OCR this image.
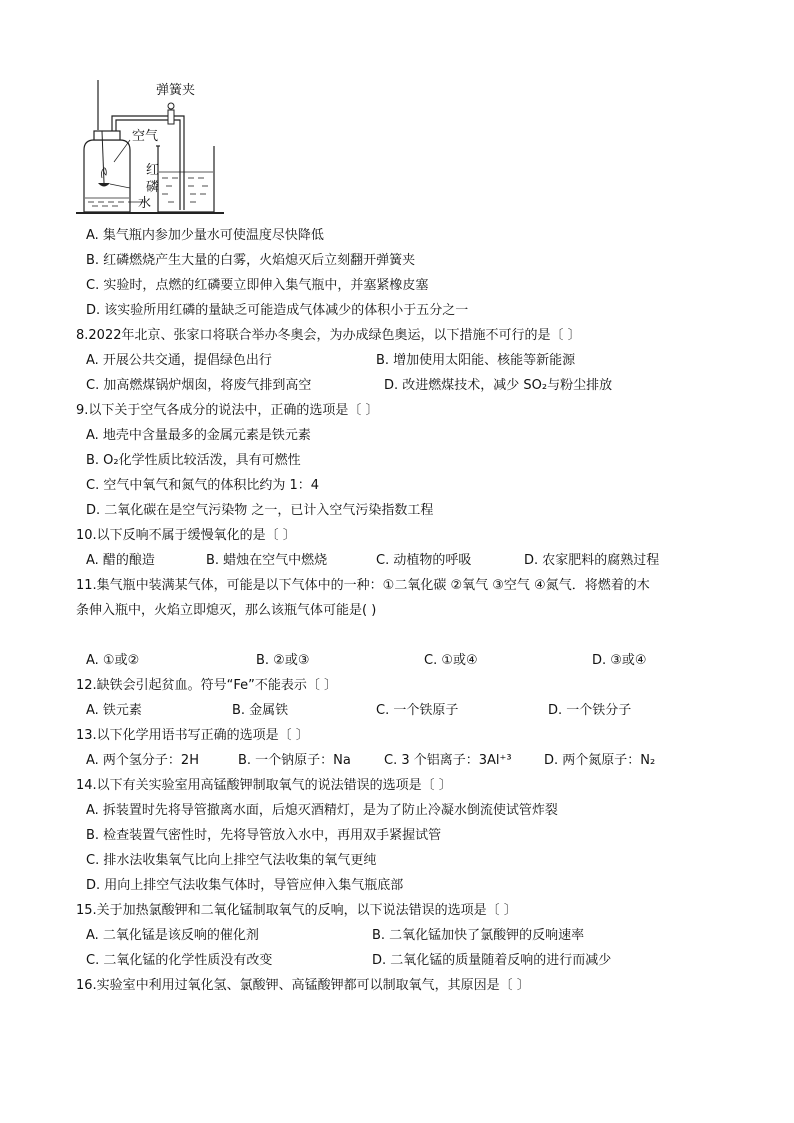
弹簧夹
空气
红
磷
水
A. 集气瓶内参加少量水可使温度尽快降低
B. 红磷燃烧产生大量的白雾，火焰熄灭后立刻翻开弹簧夹
C. 实验时，点燃的红磷要立即伸入集气瓶中，并塞紧橡皮塞
D. 该实验所用红磷的量缺乏可能造成气体减少的体积小于五分之一
8.2022年北京、张家口将联合举办冬奥会，为办成绿色奥运，以下措施不可行的是〔 〕
A. 开展公共交通，提倡绿色出行	B. 增加使用太阳能、核能等新能源
C. 加高燃煤锅炉烟囱，将废气排到高空	D. 改进燃煤技术，减少 SO₂与粉尘排放
9.以下关于空气各成分的说法中，正确的选项是〔 〕
A. 地壳中含量最多的金属元素是铁元素
B. O₂化学性质比较活泼，具有可燃性
C. 空气中氧气和氮气的体积比约为 1：4
D. 二氧化碳在是空气污染物 之一，已计入空气污染指数工程
10.以下反响不属于缓慢氧化的是〔 〕
A. 醋的酿造	B. 蜡烛在空气中燃烧	C. 动植物的呼吸	D. 农家肥料的腐熟过程
11.集气瓶中装满某气体，可能是以下气体中的一种：①二氧化碳 ②氧气 ③空气 ④氮气．将燃着的木
条伸入瓶中，火焰立即熄灭，那么该瓶气体可能是( )
A. ①或②	B. ②或③	C. ①或④	D. ③或④
12.缺铁会引起贫血。符号“Fe”不能表示〔 〕
A. 铁元素	B. 金属铁	C. 一个铁原子	D. 一个铁分子
13.以下化学用语书写正确的选项是〔 〕
A. 两个氢分子：2H	B. 一个钠原子：Na	C. 3 个铝离子：3Al⁺³ D. 两个氮原子：N₂
14.以下有关实验室用高锰酸钾制取氧气的说法错误的选项是〔 〕
A. 拆装置时先将导管撤离水面，后熄灭酒精灯，是为了防止冷凝水倒流使试管炸裂
B. 检查装置气密性时，先将导管放入水中，再用双手紧握试管
C. 排水法收集氧气比向上排空气法收集的氧气更纯
D. 用向上排空气法收集气体时，导管应伸入集气瓶底部
15.关于加热氯酸钾和二氧化锰制取氧气的反响，以下说法错误的选项是〔 〕
A. 二氧化锰是该反响的催化剂	B. 二氧化锰加快了氯酸钾的反响速率
C. 二氧化锰的化学性质没有改变	D. 二氧化锰的质量随着反响的进行而减少
16.实验室中利用过氧化氢、氯酸钾、高锰酸钾都可以制取氧气，其原因是〔 〕
